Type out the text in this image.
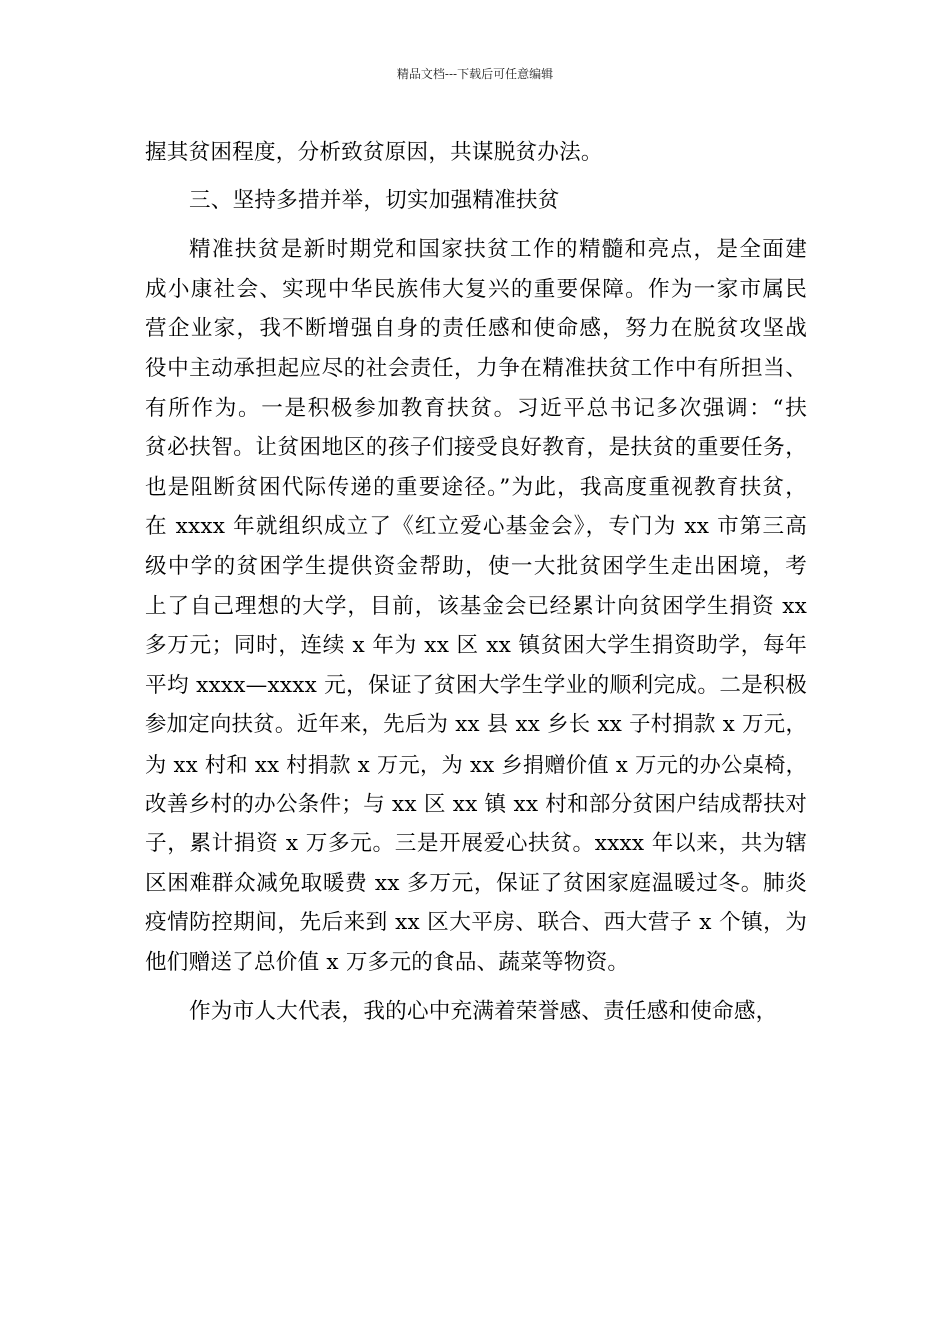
精品文档---下载后可任意编辑

握其贫困程度，分析致贫原因，共谋脱贫办法。

三、坚持多措并举，切实加强精准扶贫

精准扶贫是新时期党和国家扶贫工作的精髓和亮点，是全面建
成小康社会、实现中华民族伟大复兴的重要保障。作为一家市属民
营企业家，我不断增强自身的责任感和使命感，努力在脱贫攻坚战
役中主动承担起应尽的社会责任，力争在精准扶贫工作中有所担当、
有所作为。一是积极参加教育扶贫。习近平总书记多次强调：“扶
贫必扶智。让贫困地区的孩子们接受良好教育，是扶贫的重要任务，
也是阻断贫困代际传递的重要途径。”为此，我高度重视教育扶贫，
在 xxxx 年就组织成立了《红立爱心基金会》，专门为 xx 市第三高
级中学的贫困学生提供资金帮助，使一大批贫困学生走出困境，考
上了自己理想的大学，目前，该基金会已经累计向贫困学生捐资 xx
多万元；同时，连续 x 年为 xx 区 xx 镇贫困大学生捐资助学，每年
平均 xxxx—xxxx 元，保证了贫困大学生学业的顺利完成。二是积极
参加定向扶贫。近年来，先后为 xx 县 xx 乡长 xx 子村捐款 x 万元，
为 xx 村和 xx 村捐款 x 万元，为 xx 乡捐赠价值 x 万元的办公桌椅，
改善乡村的办公条件；与 xx 区 xx 镇 xx 村和部分贫困户结成帮扶对
子，累计捐资 x 万多元。三是开展爱心扶贫。xxxx 年以来，共为辖
区困难群众减免取暖费 xx 多万元，保证了贫困家庭温暖过冬。肺炎
疫情防控期间，先后来到 xx 区大平房、联合、西大营子 x 个镇，为
他们赠送了总价值 x 万多元的食品、蔬菜等物资。

作为市人大代表，我的心中充满着荣誉感、责任感和使命感，
